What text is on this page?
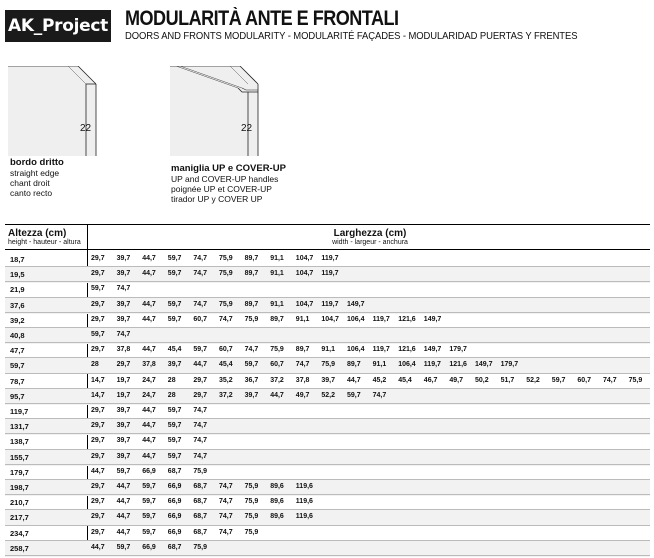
AK_Project MODULARITÀ ANTE E FRONTALI
DOORS AND FRONTS MODULARITY - MODULARITÉ FAÇADES - MODULARIDAD PUERTAS Y FRENTES
22
bordo dritto
straight edge
chant droit
canto recto
22
maniglia UP e COVER-UP
UP and COVER-UP handles
poignée UP et COVER-UP
tirador UP y COVER UP
Altezza (cm)
height - hauteur - altura
Larghezza (cm)
width - largeur - anchura
18,7	29,7 39,7 44,7 59,7 74,7 75,9 89,7 91,1 104,7 119,7
19,5	29,7 39,7 44,7 59,7 74,7 75,9 89,7 91,1 104,7 119,7
21,9	59,7 74,7
37,6	29,7 39,7 44,7 59,7 74,7 75,9 89,7 91,1 104,7 119,7 149,7
39,2	29,7 39,7 44,7 59,7 60,7 74,7 75,9 89,7 91,1 104,7 106,4 119,7 121,6 149,7
40,8	59,7 74,7
47,7	29,7 37,8 44,7 45,4 59,7 60,7 74,7 75,9 89,7 91,1 106,4 119,7 121,6 149,7 179,7
59,7	28	29,7 37,8 39,7 44,7 45,4 59,7 60,7 74,7 75,9 89,7 91,1 106,4 119,7 121,6 149,7 179,7
78,7	14,7 19,7 24,7 28	29,7 35,2 36,7 37,2 37,8 39,7 44,7 45,2 45,4 46,7 49,7 50,2 51,7 52,2 59,7 60,7 74,7 75,9
95,7	14,7 19,7 24,7 28	29,7 37,2 39,7 44,7 49,7 52,2 59,7 74,7
119,7	29,7 39,7 44,7 59,7 74,7
131,7	29,7 39,7 44,7 59,7 74,7
138,7	29,7 39,7 44,7 59,7 74,7
155,7	29,7 39,7 44,7 59,7 74,7
179,7	44,7 59,7 66,9 68,7 75,9
198,7	29,7 44,7 59,7 66,9 68,7 74,7 75,9 89,6 119,6
210,7	29,7 44,7 59,7 66,9 68,7 74,7 75,9 89,6 119,6
217,7	29,7 44,7 59,7 66,9 68,7 74,7 75,9 89,6 119,6
234,7	29,7 44,7 59,7 66,9 68,7 74,7 75,9
258,7	44,7 59,7 66,9 68,7 75,9
